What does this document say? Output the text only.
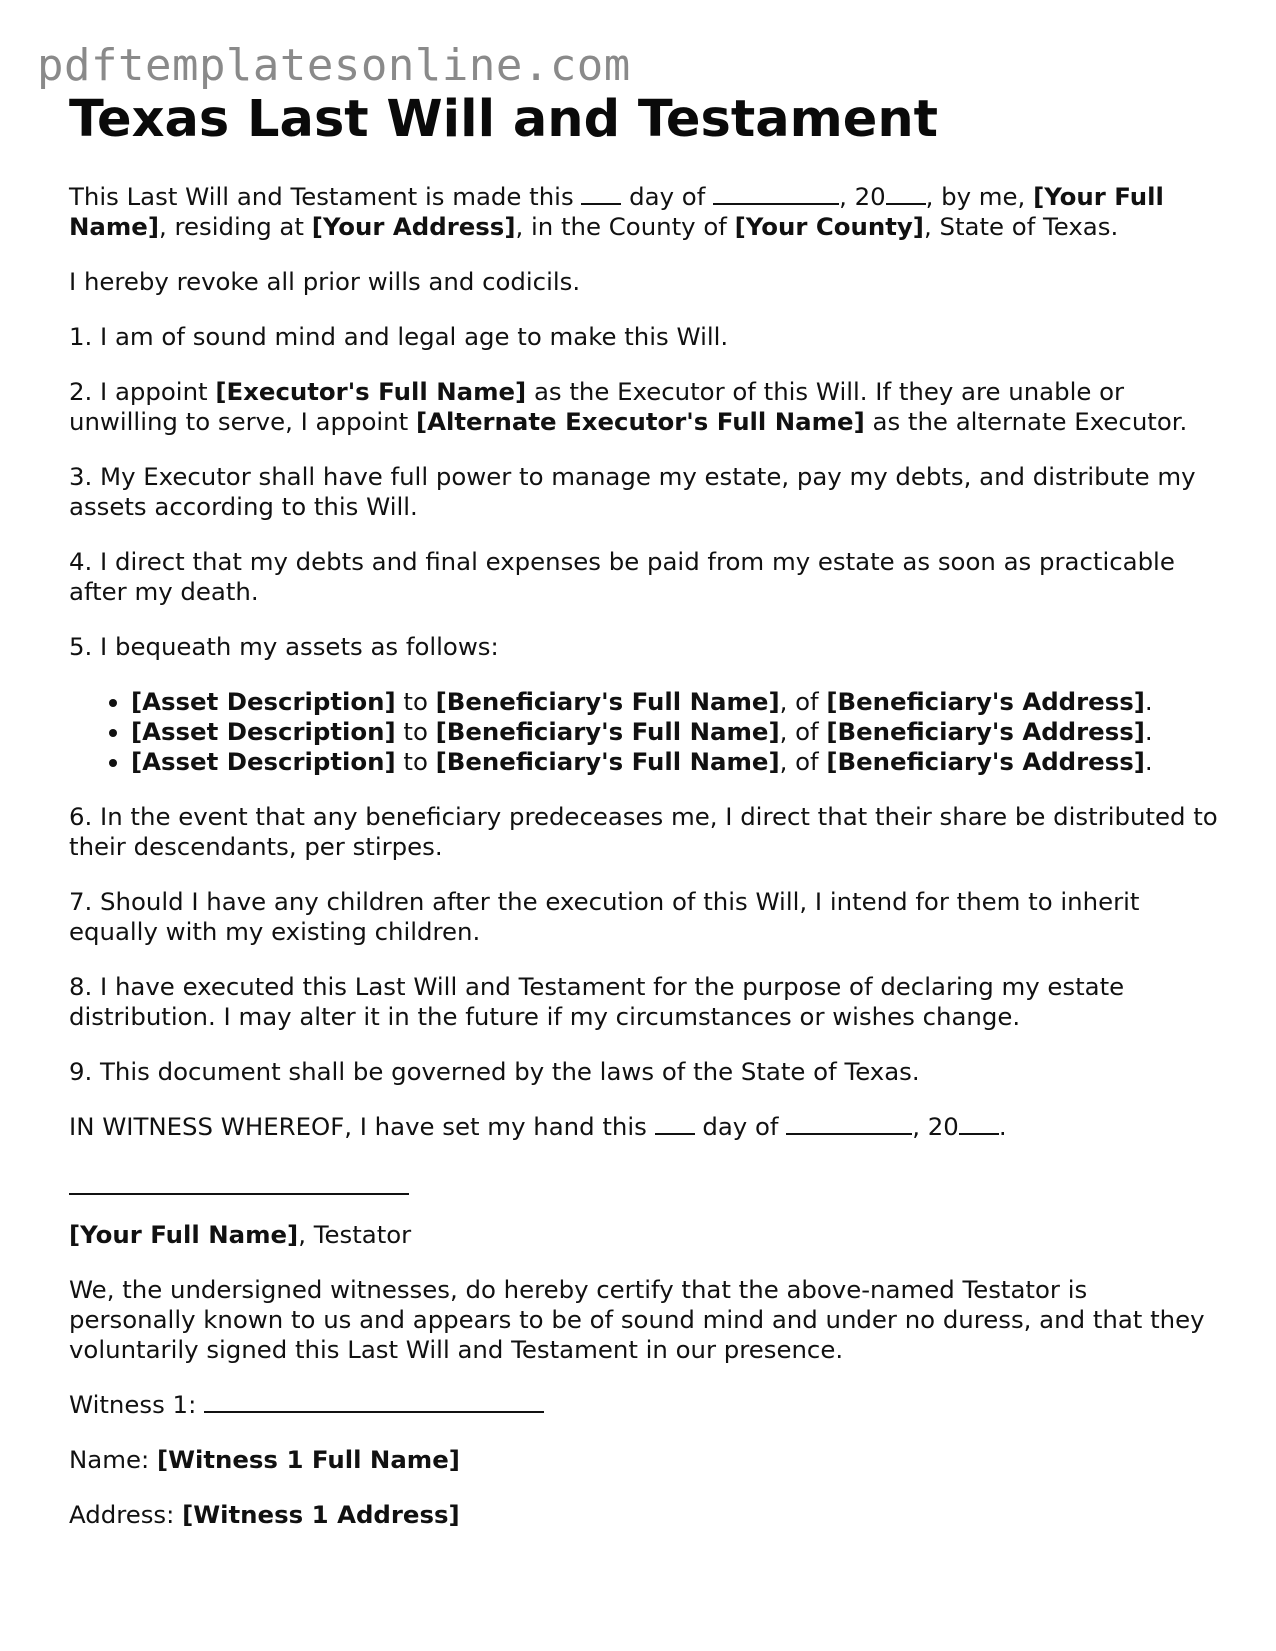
pdftemplatesonline.com
Texas Last Will and Testament

This Last Will and Testament is made this  day of	, 20 , by me, [Your Full Name], residing at [Your Address], in the County of [Your County], State of Texas.

I hereby revoke all prior wills and codicils.

1. I am of sound mind and legal age to make this Will.

2. I appoint [Executor's Full Name] as the Executor of this Will. If they are unable or unwilling to serve, I appoint [Alternate Executor's Full Name] as the alternate Executor.

3. My Executor shall have full power to manage my estate, pay my debts, and distribute my assets according to this Will.

4. I direct that my debts and final expenses be paid from my estate as soon as practicable after my death.

5. I bequeath my assets as follows:

• [Asset Description] to [Beneficiary's Full Name], of [Beneficiary's Address].
• [Asset Description] to [Beneficiary's Full Name], of [Beneficiary's Address].
• [Asset Description] to [Beneficiary's Full Name], of [Beneficiary's Address].

6. In the event that any beneficiary predeceases me, I direct that their share be distributed to their descendants, per stirpes.

7. Should I have any children after the execution of this Will, I intend for them to inherit equally with my existing children.

8. I have executed this Last Will and Testament for the purpose of declaring my estate distribution. I may alter it in the future if my circumstances or wishes change.

9. This document shall be governed by the laws of the State of Texas.

IN WITNESS WHEREOF, I have set my hand this  day of	, 20 .

[Your Full Name], Testator

We, the undersigned witnesses, do hereby certify that the above-named Testator is personally known to us and appears to be of sound mind and under no duress, and that they voluntarily signed this Last Will and Testament in our presence.

Witness 1:

Name: [Witness 1 Full Name]

Address: [Witness 1 Address]
